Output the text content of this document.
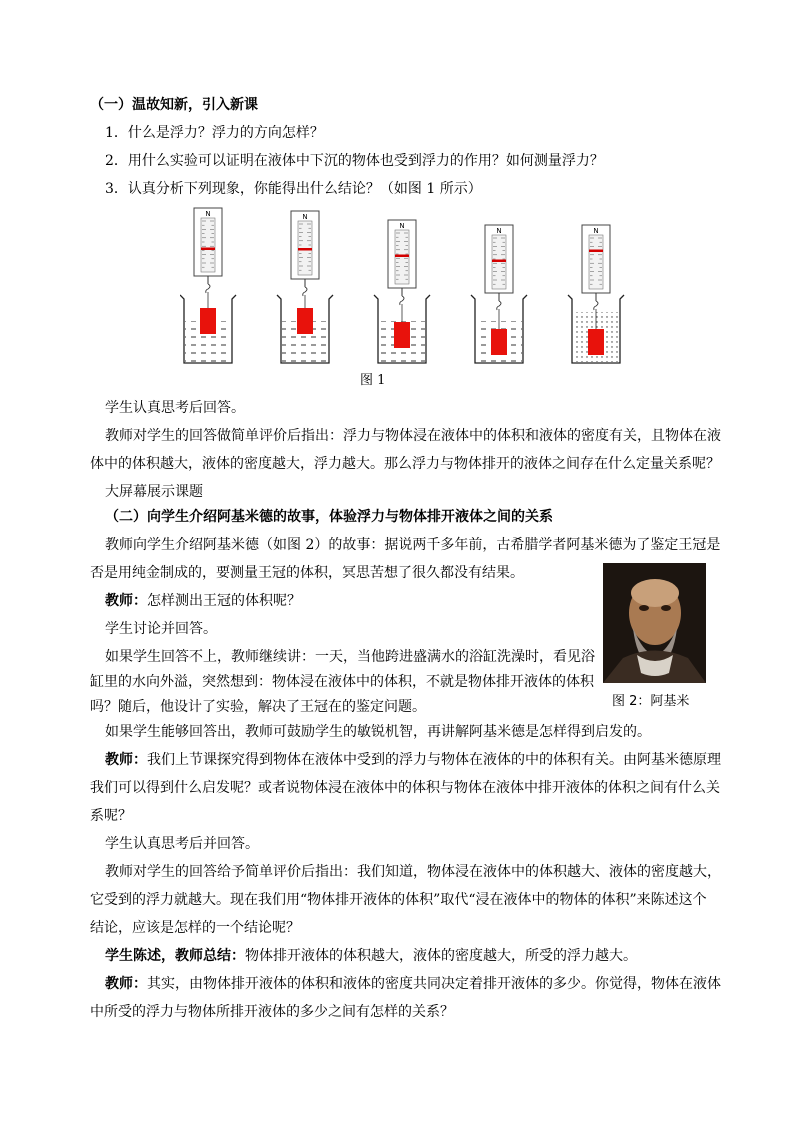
（一）温故知新，引入新课
1．什么是浮力？浮力的方向怎样？
2．用什么实验可以证明在液体中下沉的物体也受到浮力的作用？如何测量浮力？
3．认真分析下列现象，你能得出什么结论？（如图 1 所示）
N	N
N
N	N
图 1
学生认真思考后回答。
教师对学生的回答做简单评价后指出：浮力与物体浸在液体中的体积和液体的密度有关，且物体在液
体中的体积越大，液体的密度越大，浮力越大。那么浮力与物体排开的液体之间存在什么定量关系呢？
大屏幕展示课题
（二）向学生介绍阿基米德的故事，体验浮力与物体排开液体之间的关系
教师向学生介绍阿基米德（如图 2）的故事：据说两千多年前，古希腊学者阿基米德为了鉴定王冠是
否是用纯金制成的，要测量王冠的体积，冥思苦想了很久都没有结果。
教师：怎样测出王冠的体积呢？
学生讨论并回答。
如果学生回答不上，教师继续讲：一天，当他跨进盛满水的浴缸洗澡时，看见浴
缸里的水向外溢，突然想到：物体浸在液体中的体积，不就是物体排开液体的体积
吗？随后，他设计了实验，解决了王冠在的鉴定问题。	图 2：阿基米
如果学生能够回答出，教师可鼓励学生的敏锐机智，再讲解阿基米德是怎样得到启发的。
教师：我们上节课探究得到物体在液体中受到的浮力与物体在液体的中的体积有关。由阿基米德原理
我们可以得到什么启发呢？或者说物体浸在液体中的体积与物体在液体中排开液体的体积之间有什么关
系呢？
学生认真思考后并回答。
教师对学生的回答给予简单评价后指出：我们知道，物体浸在液体中的体积越大、液体的密度越大，
它受到的浮力就越大。现在我们用“物体排开液体的体积”取代“浸在液体中的物体的体积”来陈述这个
结论，应该是怎样的一个结论呢？
学生陈述，教师总结：物体排开液体的体积越大，液体的密度越大，所受的浮力越大。
教师：其实，由物体排开液体的体积和液体的密度共同决定着排开液体的多少。你觉得，物体在液体
中所受的浮力与物体所排开液体的多少之间有怎样的关系？
